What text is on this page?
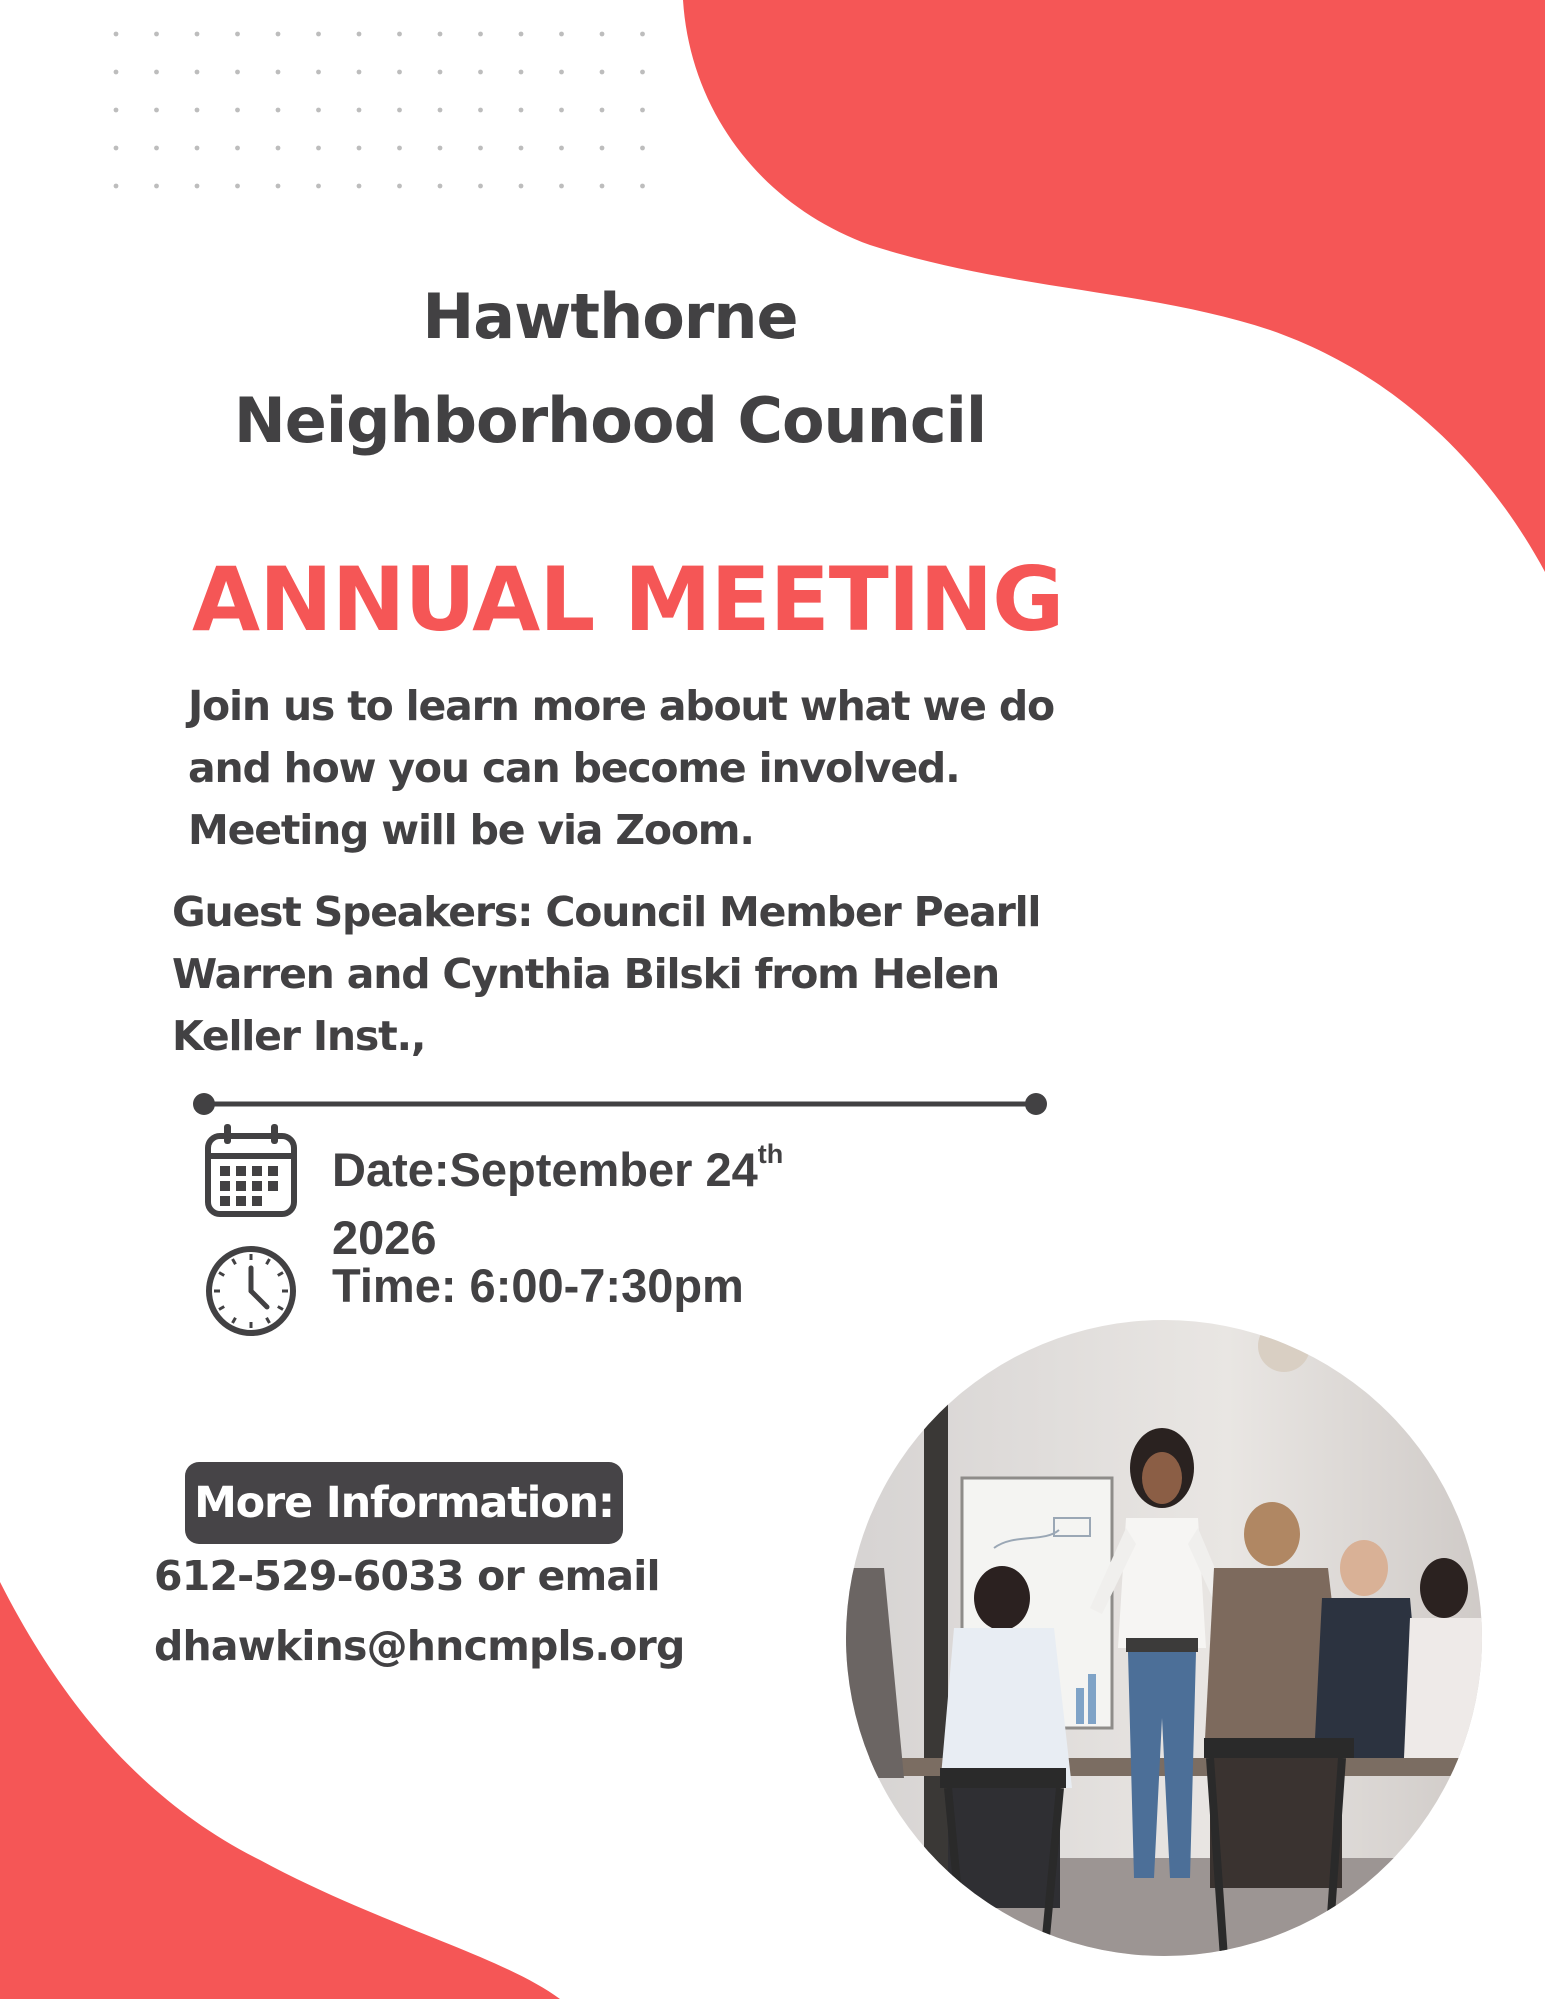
Hawthorne
Neighborhood Council
ANNUAL MEETING
Join us to learn more about what we do
and how you can become involved.
Meeting will be via Zoom.
Guest Speakers: Council Member Pearll
Warren and Cynthia Bilski from Helen
Keller Inst.,
Date:September 24th
2026
Time: 6:00-7:30pm
More Information:
612-529-6033 or email
dhawkins@hncmpls.org
